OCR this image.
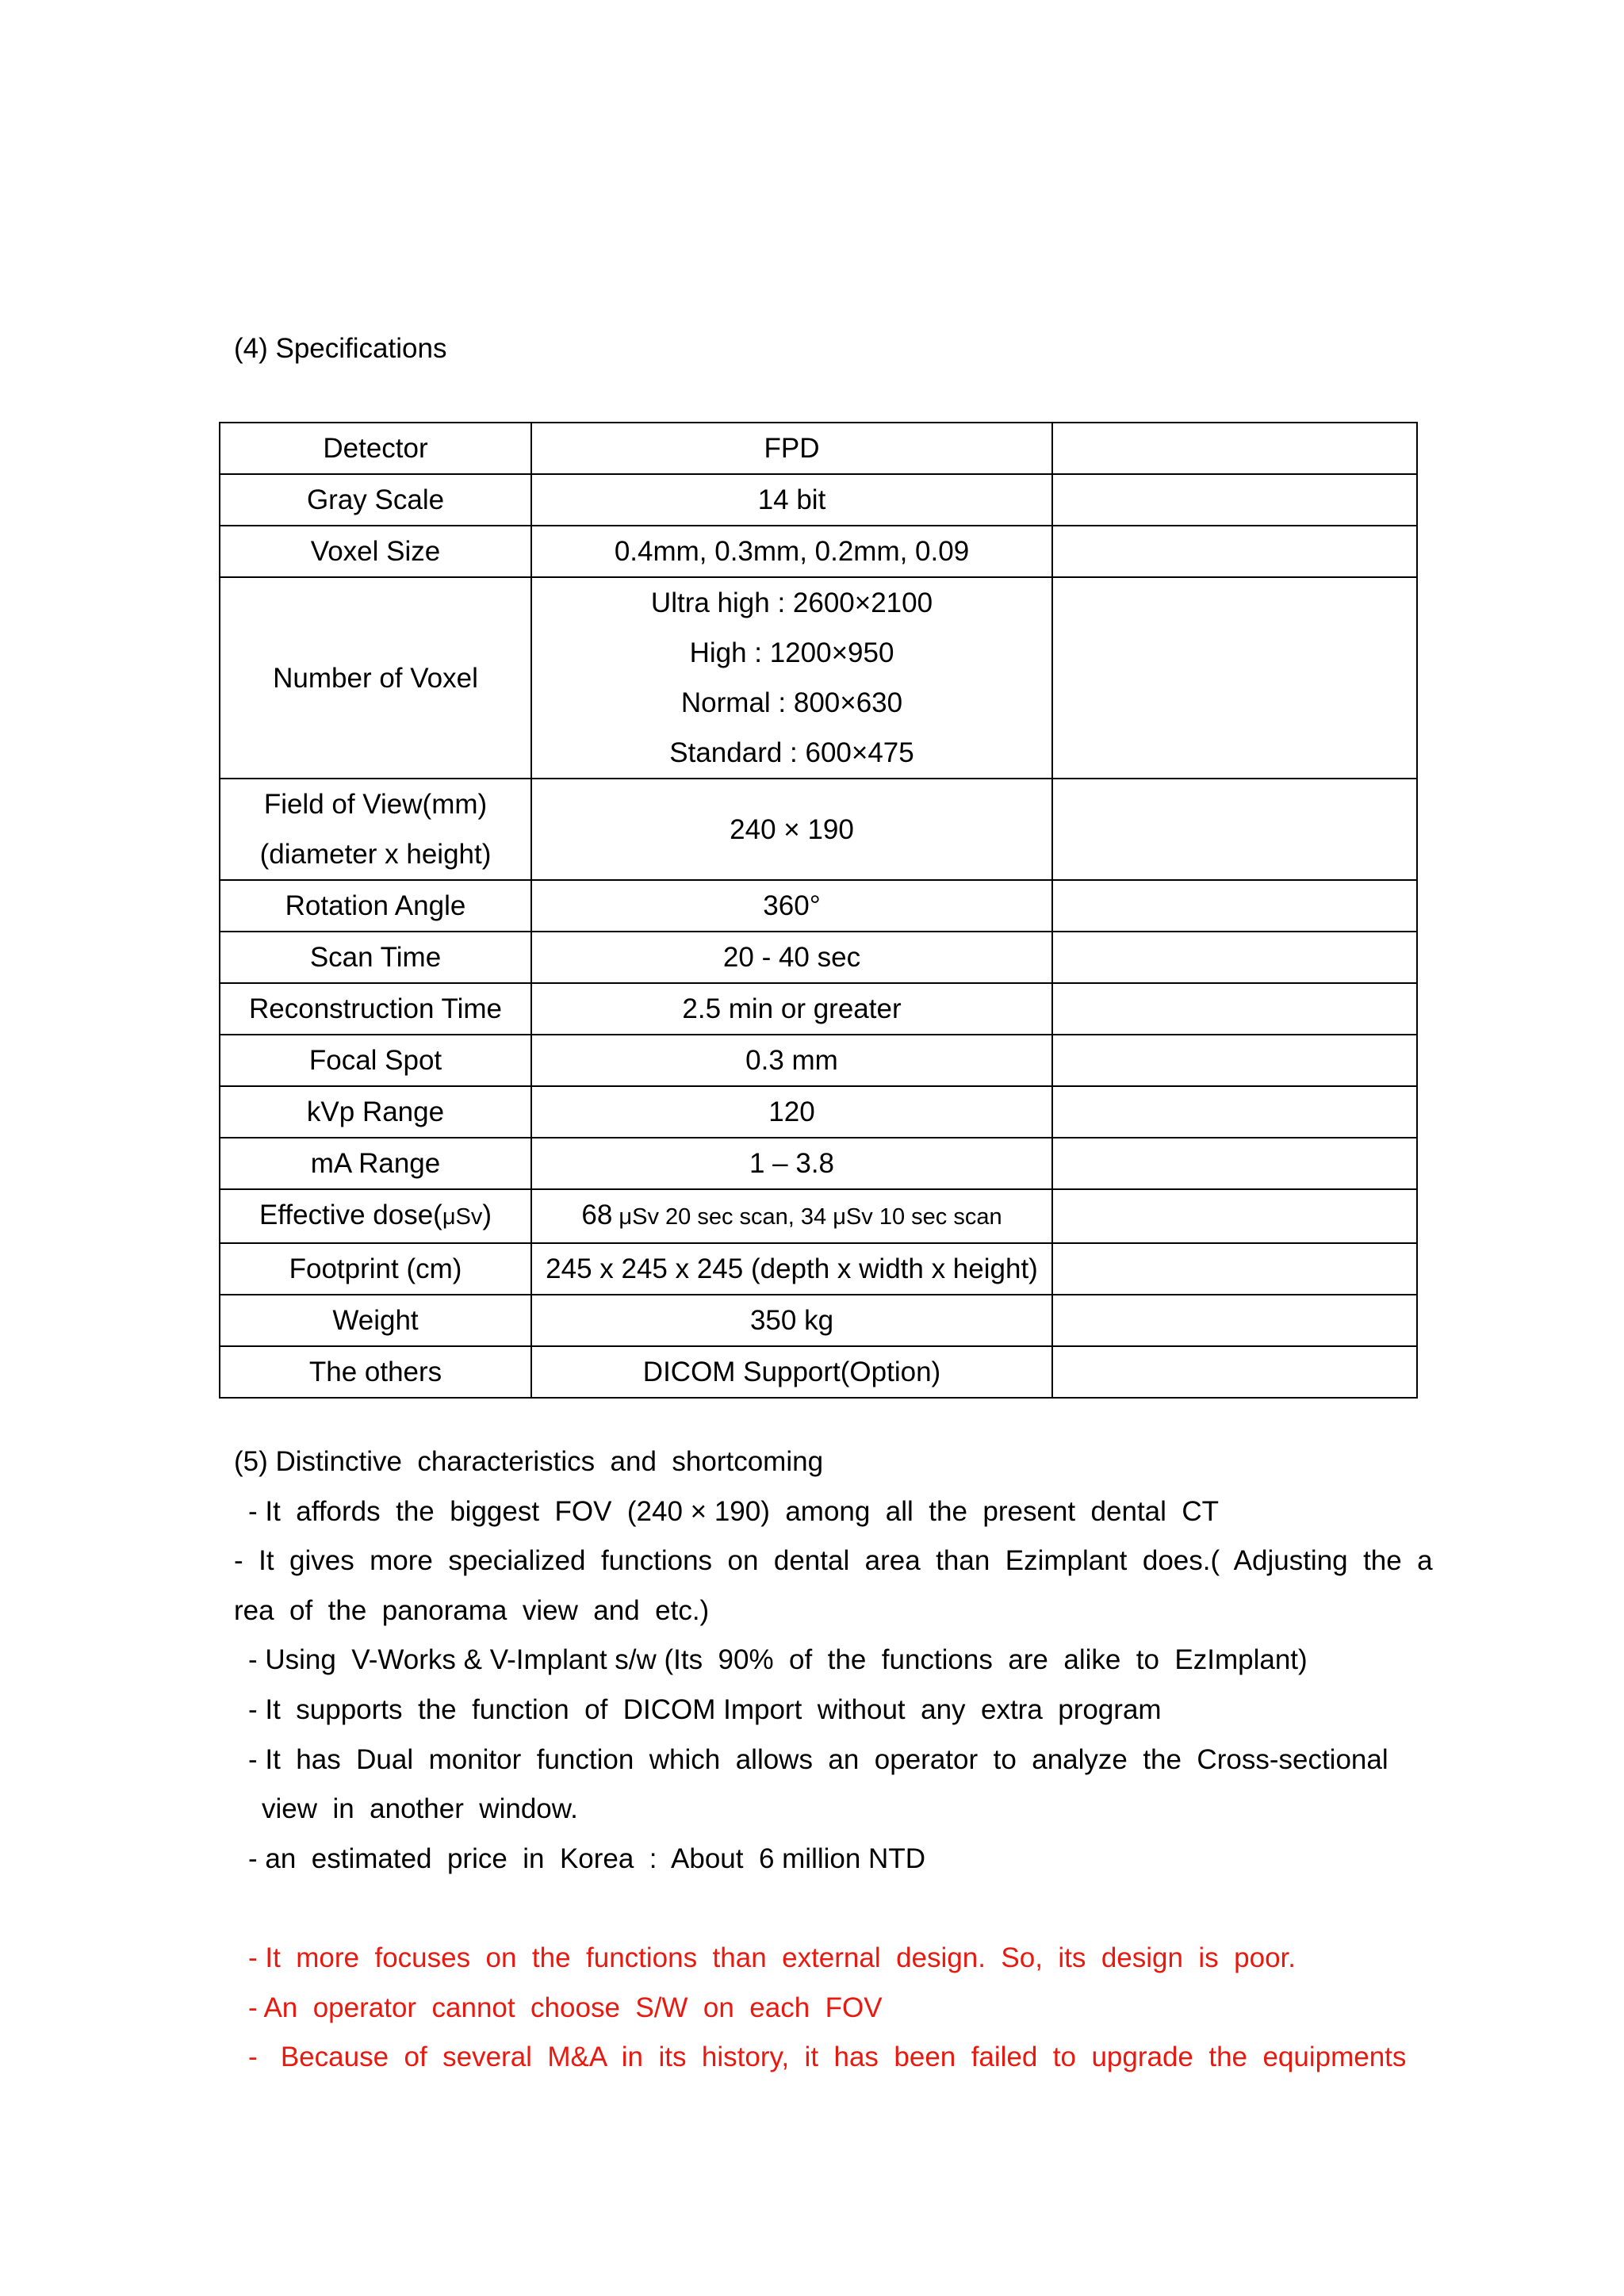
(4) Specifications
Detector	FPD	
Gray Scale	14 bit	
Voxel Size	0.4mm, 0.3mm, 0.2mm, 0.09	
Number of Voxel	Ultra high : 2600×2100
High : 1200×950
Normal : 800×630
Standard : 600×475	

Field of View(mm)
(diameter x height)	240 × 190	
Rotation Angle	360°	
Scan Time	20 - 40 sec	
Reconstruction Time	2.5 min or greater	
Focal Spot	0.3 mm	
kVp Range	120	
mA Range	1 – 3.8	
Effective dose(μSv)	68 μSv 20 sec scan, 34 μSv 10 sec scan	
Footprint (cm)	245 x 245 x 245 (depth x width x height)	
Weight	350 kg	
The others	DICOM Support(Option)	
(5) Distinctive  characteristics  and  shortcoming
- It  affords  the  biggest  FOV  (240 × 190)  among  all  the  present  dental  CT
-  It  gives  more  specialized  functions  on  dental  area  than  Ezimplant  does.(  Adjusting  the  a
rea  of  the  panorama  view  and  etc.)
- Using  V-Works & V-Implant s/w (Its  90%  of  the  functions  are  alike  to  EzImplant)
- It  supports  the  function  of  DICOM Import  without  any  extra  program
- It  has  Dual  monitor  function  which  allows  an  operator  to  analyze  the  Cross-sectional
view  in  another  window.
- an  estimated  price  in  Korea  :  About  6 million NTD
- It  more  focuses  on  the  functions  than  external  design.  So,  its  design  is  poor.
- An  operator  cannot  choose  S/W  on  each  FOV
-   Because  of  several  M&A  in  its  history,  it  has  been  failed  to  upgrade  the  equipments
